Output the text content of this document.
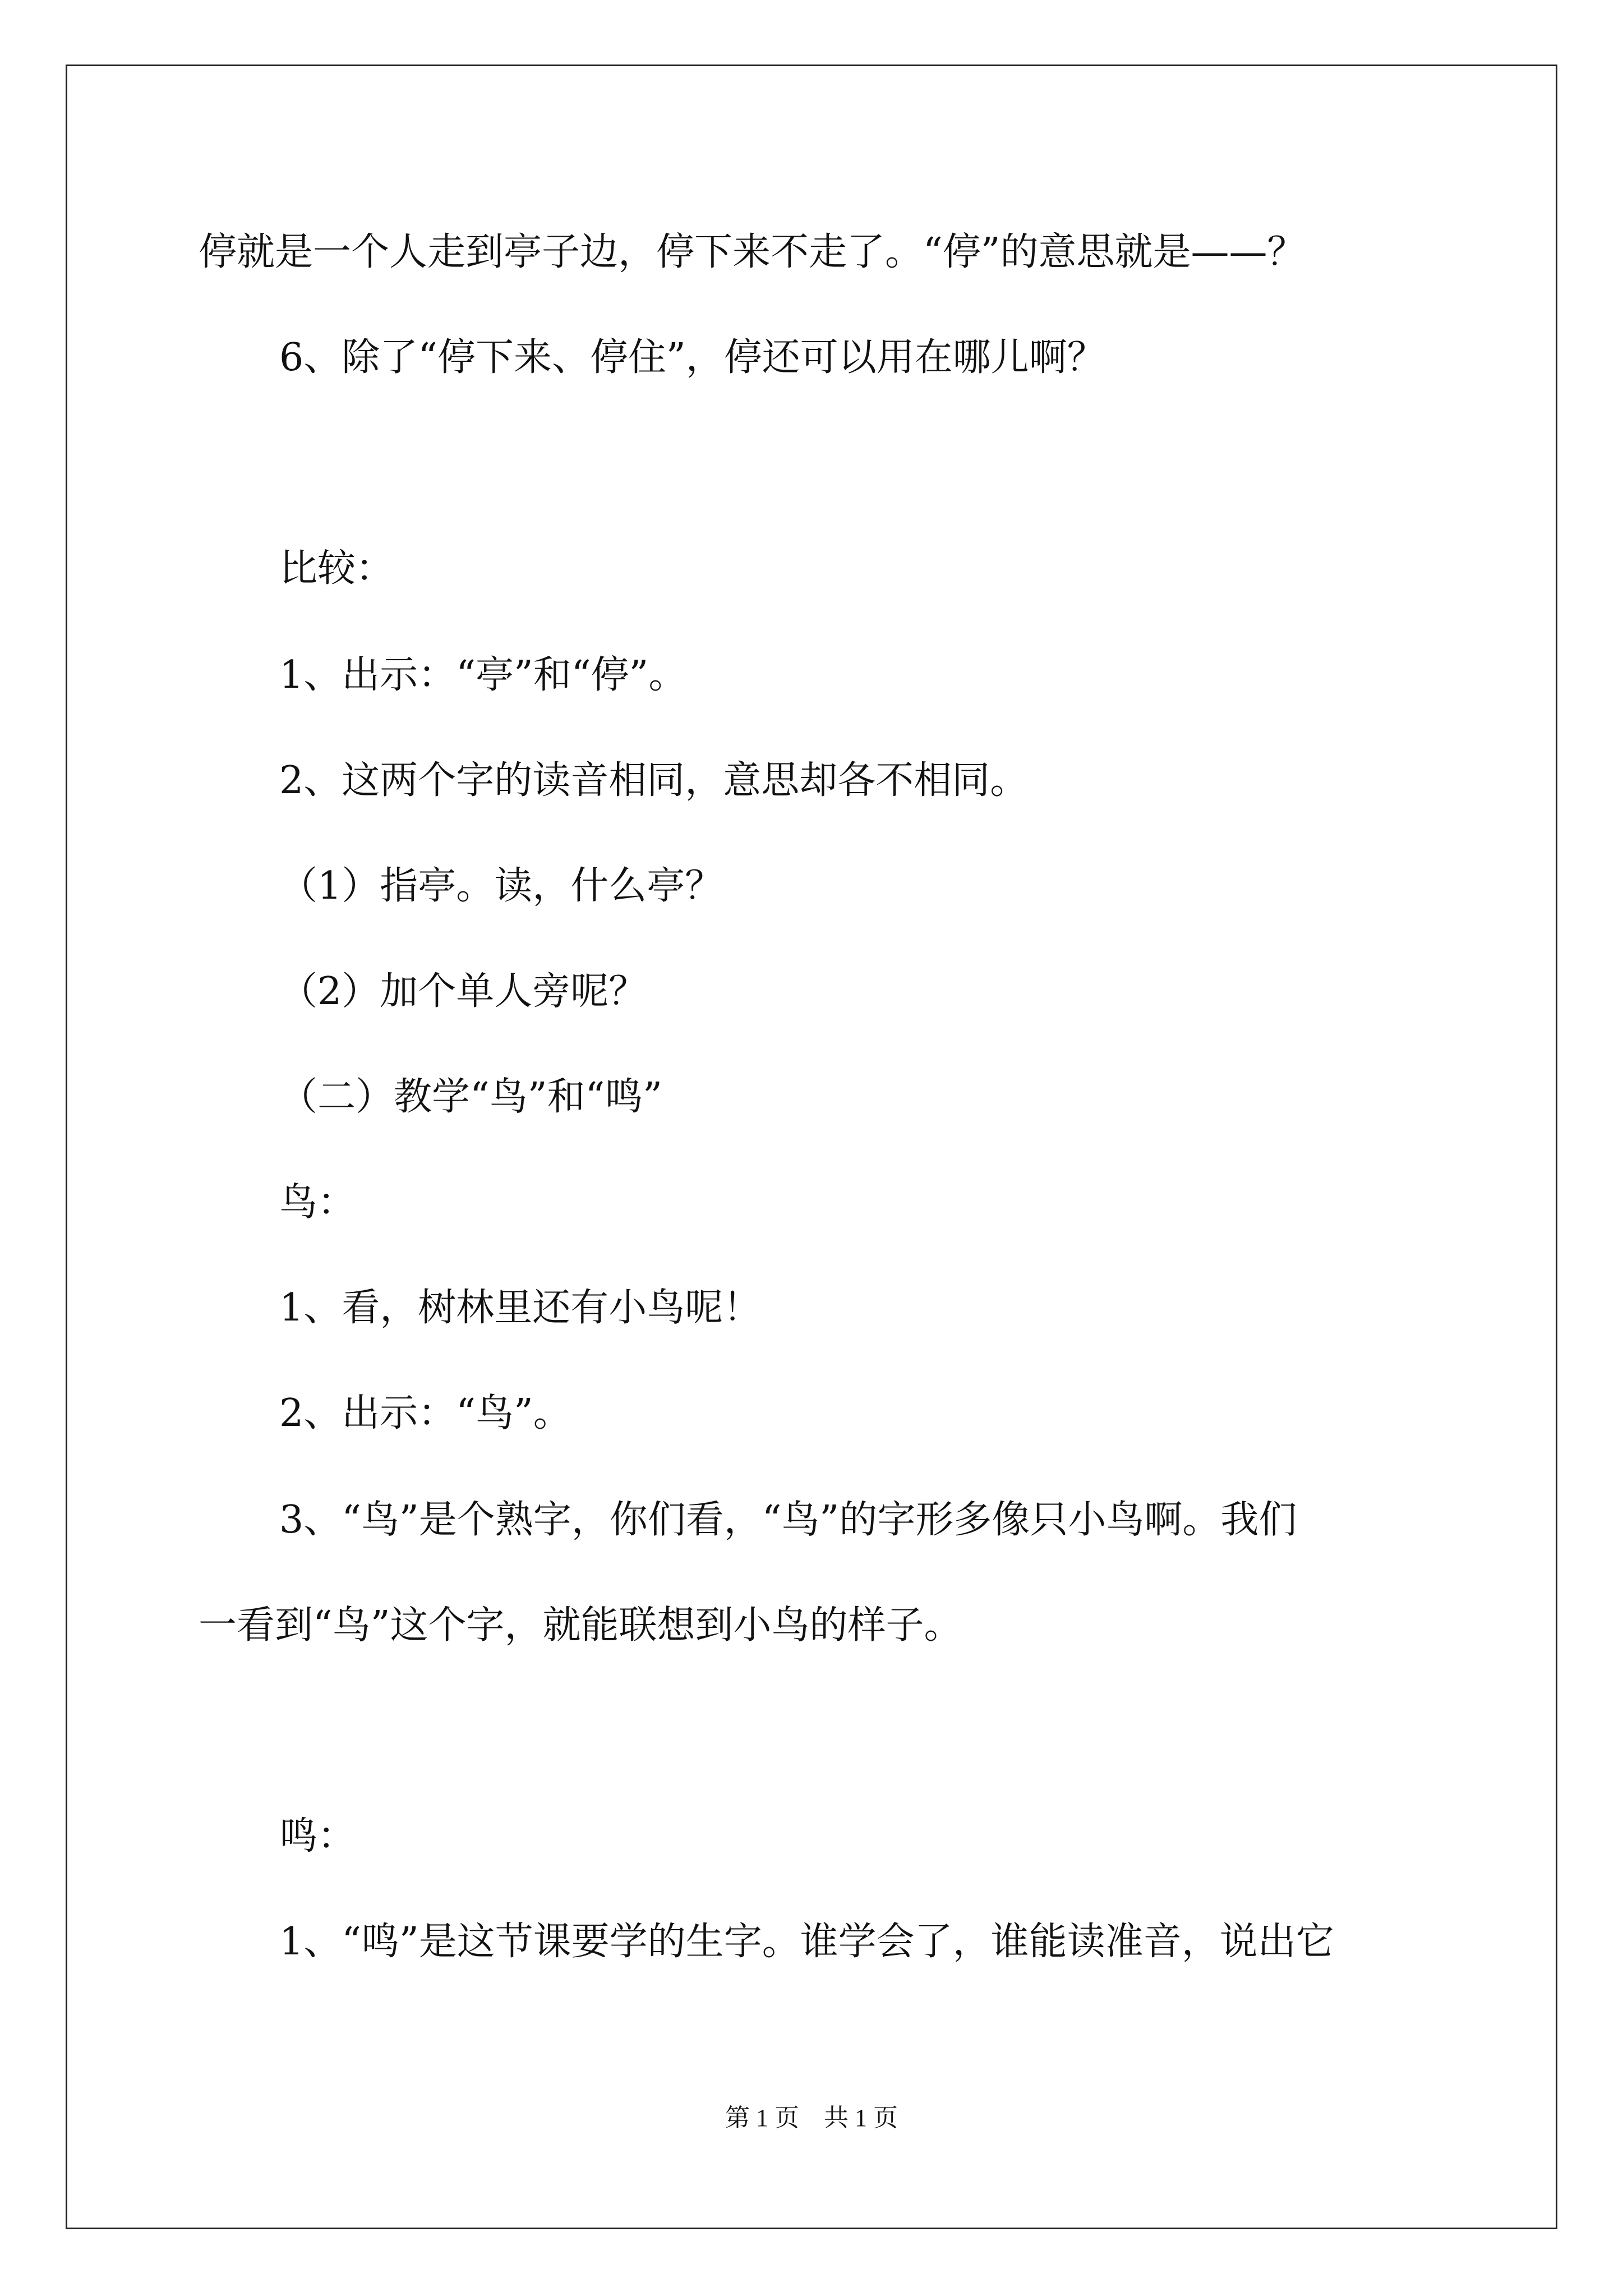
停就是一个人走到亭子边，停下来不走了。“停”的意思就是——？
6、除了“停下来、停住”，停还可以用在哪儿啊？
比较：
1、出示：“亭”和“停”。
2、这两个字的读音相同，意思却各不相同。
（1）指亭。读，什么亭？
（2）加个单人旁呢？
（二）教学“鸟”和“鸣”
鸟：
1、看，树林里还有小鸟呢！
2、出示：“鸟”。
3、“鸟”是个熟字，你们看，“鸟”的字形多像只小鸟啊。我们
一看到“鸟”这个字，就能联想到小鸟的样子。
鸣：
1、“鸣”是这节课要学的生字。谁学会了，谁能读准音，说出它
第 1 页　共 1 页
